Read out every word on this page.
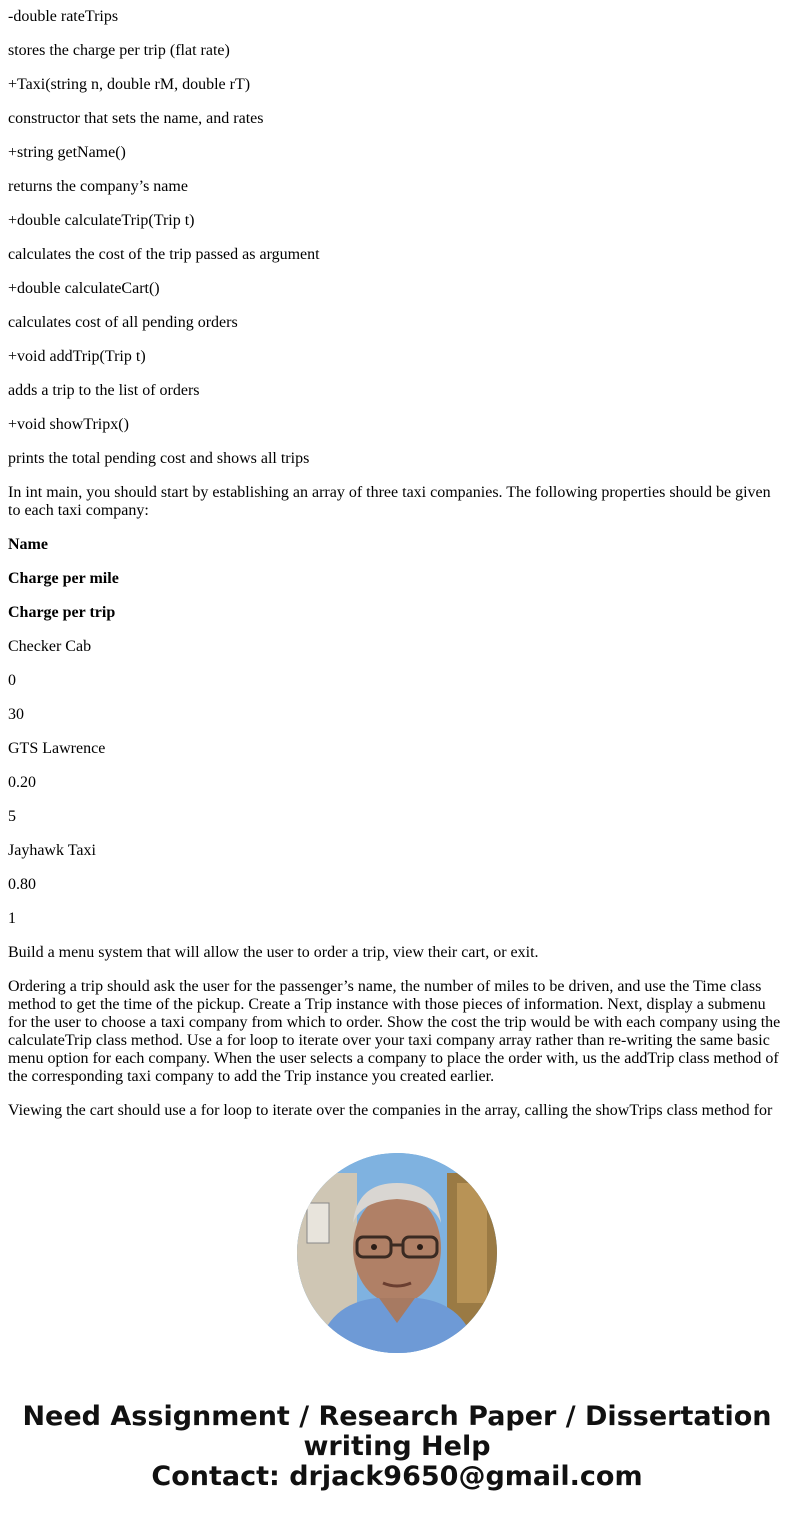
-double rateTrips

stores the charge per trip (flat rate)

+Taxi(string n, double rM, double rT)

constructor that sets the name, and rates

+string getName()

returns the company’s name

+double calculateTrip(Trip t)

calculates the cost of the trip passed as argument

+double calculateCart()

calculates cost of all pending orders

+void addTrip(Trip t)

adds a trip to the list of orders

+void showTripx()

prints the total pending cost and shows all trips

In int main, you should start by establishing an array of three taxi companies. The following properties should be given to each taxi company:

Name

Charge per mile

Charge per trip

Checker Cab

0

30

GTS Lawrence

0.20

5

Jayhawk Taxi

0.80

1

Build a menu system that will allow the user to order a trip, view their cart, or exit.

Ordering a trip should ask the user for the passenger’s name, the number of miles to be driven, and use the Time class method to get the time of the pickup. Create a Trip instance with those pieces of information. Next, display a submenu for the user to choose a taxi company from which to order. Show the cost the trip would be with each company using the calculateTrip class method. Use a for loop to iterate over your taxi company array rather than re-writing the same basic menu option for each company. When the user selects a company to place the order with, us the addTrip class method of the corresponding taxi company to add the Trip instance you created earlier.

Viewing the cart should use a for loop to iterate over the companies in the array, calling the showTrips class method for

Need Assignment / Research Paper / Dissertation
writing Help
Contact: drjack9650@gmail.com
